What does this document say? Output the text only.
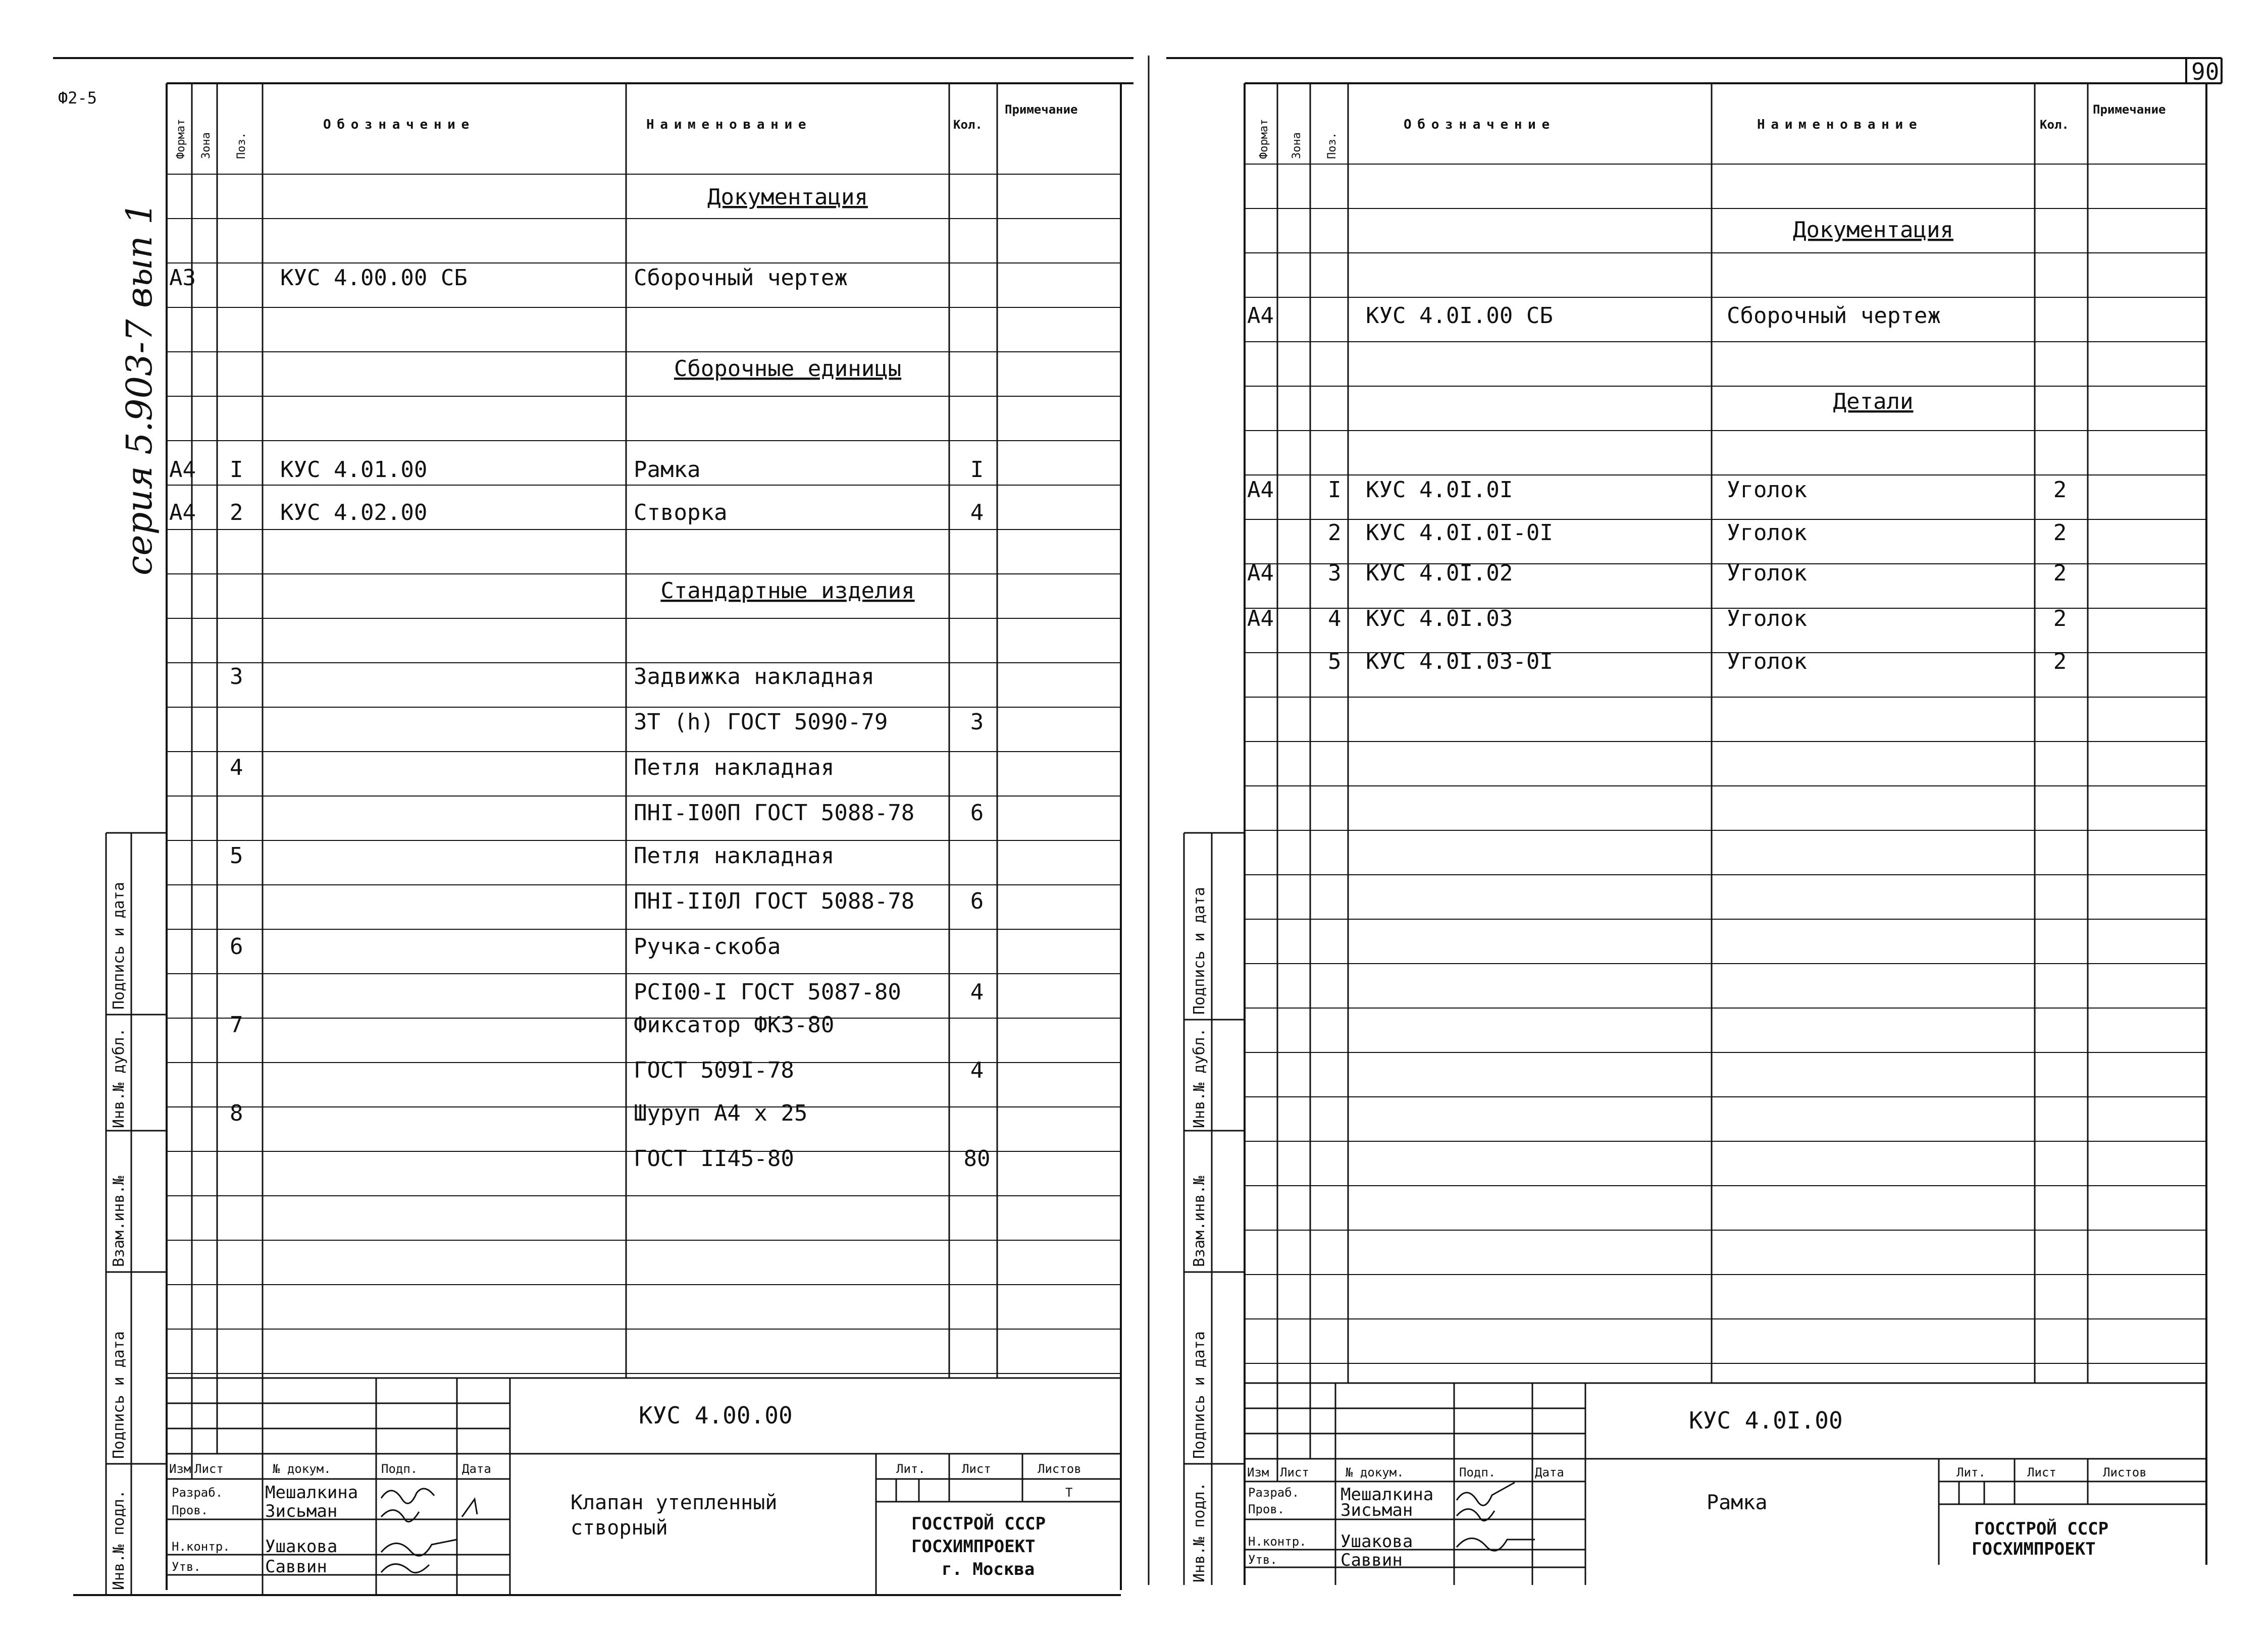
Ф2-5
90
серия 5.903-7 вып 1
Формат Зона Поз.
Обозначение	Наименование	Кол.
Примечание
Формат Зона Поз.
Обозначение	Наименование	Кол.
Примечание
Документация
А3	КУС 4.00.00 СБ	Сборочный чертеж
Сборочные единицы
А4 I КУС 4.01.00	Рамка	I
А4 2 КУС 4.02.00	Створка	4
Стандартные изделия
3	Задвижка накладная
ЗТ (h) ГОСТ 5090-79	3
4	Петля накладная
ПНI-I00П ГОСТ 5088-78	6
5	Петля накладная
ПНI-II0Л ГОСТ 5088-78	6
6	Ручка-скоба
PCI00-I ГОСТ 5087-80	4
7	Фиксатор ФКЗ-80
ГОСТ 509I-78	4
8	Шуруп А4 x 25
ГОСТ II45-80	80
Документация
А4	КУС 4.0I.00 СБ	Сборочный чертеж
Детали
А4 I КУС 4.0I.0I	Уголок	2
2 КУС 4.0I.0I-0I	Уголок	2
А4 3 КУС 4.0I.02	Уголок	2
А4 4 КУС 4.0I.03	Уголок	2
5 КУС 4.0I.03-0I	Уголок	2
Подпись и дата
Инв.№ дубл.
Взам.инв.№
Подпись и дата
Инв.№ подл.
Подпись и дата
Инв.№ дубл.
Взам.инв.№
Подпись и дата
Инв.№ подл.
КУС 4.00.00
Изм Лист	№ докум.	Подп.	Дата
Разраб. Мешалкина
Пров.	Зисьман
Н.контр. Ушакова
Утв.	Саввин
Клапан утепленный
створный
Лит.	Лист	Листов
Т
ГОССТРОЙ СССР
ГОСХИМПРОЕКТ
г. Москва
КУС 4.0I.00
Изм Лист	№ докум.	Подп.	Дата
Разраб. Мешалкина
Пров.	Зисьман
Н.контр. Ушакова
Утв.	Саввин
Рамка
Лит.	Лист	Листов
ГОССТРОЙ СССР
ГОСХИМПРОЕКТ
